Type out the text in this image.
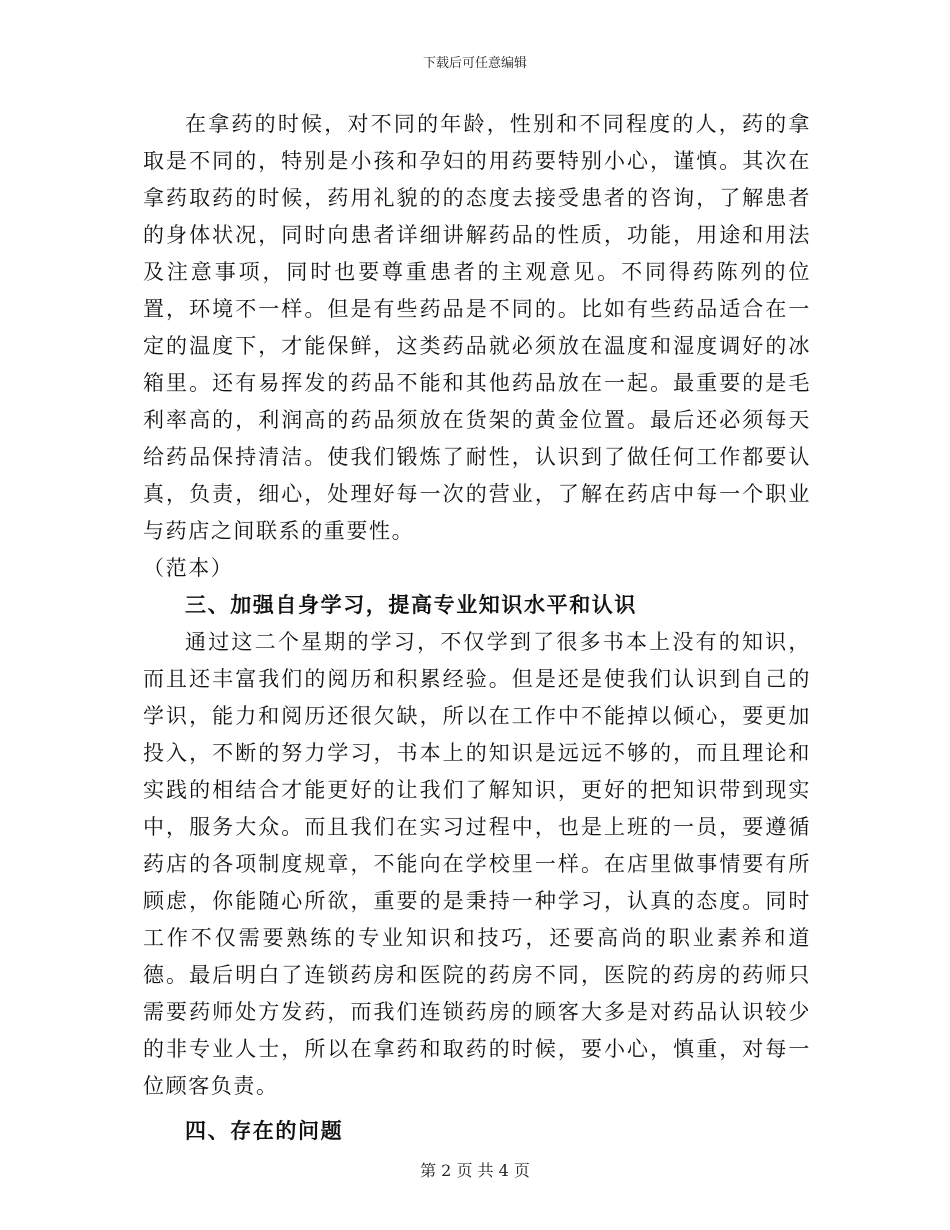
下载后可任意编辑

在拿药的时候，对不同的年龄，性别和不同程度的人，药的拿取是不同的，特别是小孩和孕妇的用药要特别小心，谨慎。其次在拿药取药的时候，药用礼貌的的态度去接受患者的咨询，了解患者的身体状况，同时向患者详细讲解药品的性质，功能，用途和用法及注意事项，同时也要尊重患者的主观意见。不同得药陈列的位置，环境不一样。但是有些药品是不同的。比如有些药品适合在一定的温度下，才能保鲜，这类药品就必须放在温度和湿度调好的冰箱里。还有易挥发的药品不能和其他药品放在一起。最重要的是毛利率高的，利润高的药品须放在货架的黄金位置。最后还必须每天给药品保持清洁。使我们锻炼了耐性，认识到了做任何工作都要认真，负责，细心，处理好每一次的营业，了解在药店中每一个职业与药店之间联系的重要性。

（范本）

三、加强自身学习，提高专业知识水平和认识

通过这二个星期的学习，不仅学到了很多书本上没有的知识，而且还丰富我们的阅历和积累经验。但是还是使我们认识到自己的学识，能力和阅历还很欠缺，所以在工作中不能掉以倾心，要更加投入，不断的努力学习，书本上的知识是远远不够的，而且理论和实践的相结合才能更好的让我们了解知识，更好的把知识带到现实中，服务大众。而且我们在实习过程中，也是上班的一员，要遵循药店的各项制度规章，不能向在学校里一样。在店里做事情要有所顾虑，你能随心所欲，重要的是秉持一种学习，认真的态度。同时工作不仅需要熟练的专业知识和技巧，还要高尚的职业素养和道德。最后明白了连锁药房和医院的药房不同，医院的药房的药师只需要药师处方发药，而我们连锁药房的顾客大多是对药品认识较少的非专业人士，所以在拿药和取药的时候，要小心，慎重，对每一位顾客负责。

四、存在的问题

第 2 页 共 4 页
